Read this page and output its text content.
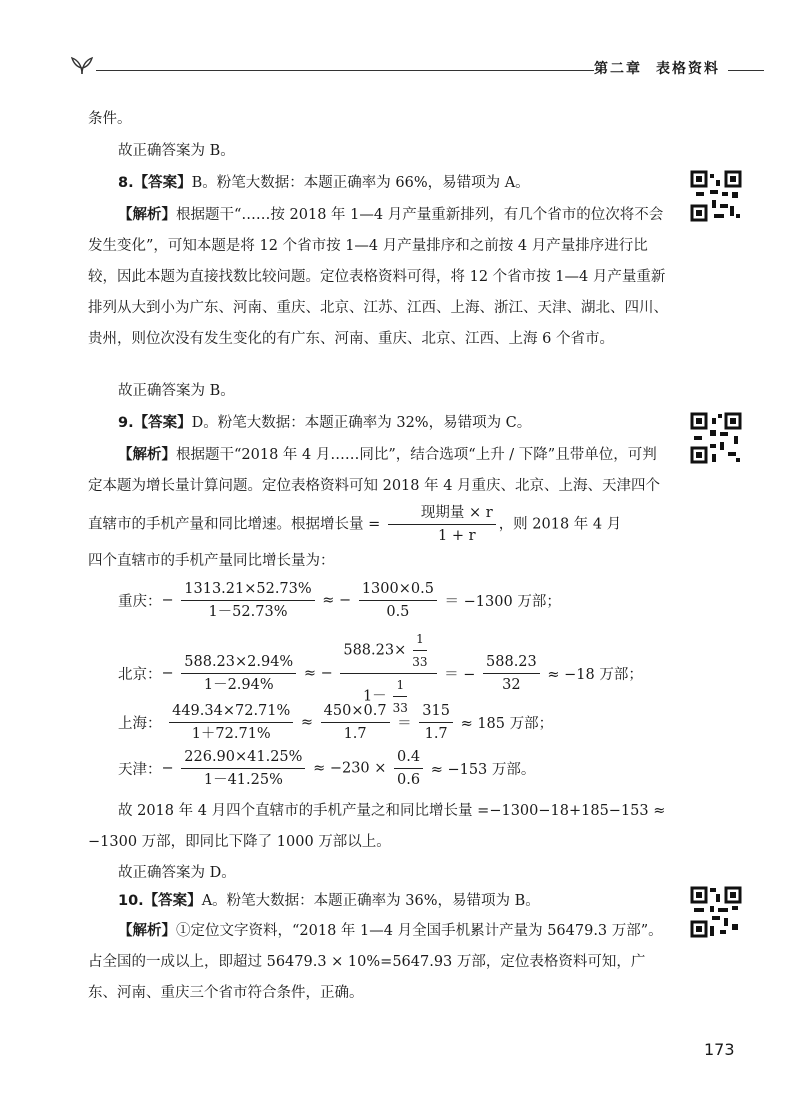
第二章 表格资料
条件。
故正确答案为 B。
8.【答案】B。粉笔大数据：本题正确率为 66%，易错项为 A。
【解析】根据题干“……按 2018 年 1—4 月产量重新排列，有几个省市的位次将不会发生变化”，可知本题是将 12 个省市按 1—4 月产量排序和之前按 4 月产量排序进行比较，因此本题为直接找数比较问题。定位表格资料可得，将 12 个省市按 1—4 月产量重新排列从大到小为广东、河南、重庆、北京、江苏、江西、上海、浙江、天津、湖北、四川、贵州，则位次没有发生变化的有广东、河南、重庆、北京、江西、上海 6 个省市。
故正确答案为 B。
9.【答案】D。粉笔大数据：本题正确率为 32%，易错项为 C。
【解析】根据题干“2018 年 4 月……同比”，结合选项“上升 / 下降”且带单位，可判定本题为增长量计算问题。定位表格资料可知 2018 年 4 月重庆、北京、上海、天津四个直辖市的手机产量和同比增速。根据增长量 = $\frac{\text{现期量 × r}}{1 + r}$ ，则 2018 年 4 月
四个直辖市的手机产量同比增长量为：
重庆：− $\frac{1313.21\times 52.73\%}{1-52.73\%}$ ≈ − $\frac{1300\times 0.5}{0.5} = -1300$ 万部；
北京：− $\frac{588.23\times 2.94\%}{1-2.94\%}$ ≈ − $\frac{588.23\times \frac{1}{33}}{1- \frac{1}{33}}$ ＝ − $\frac{588.23}{32} \approx -18$ 万部；
上海： $\frac{449.34\times 72.71\%}{1+72.71\%} \approx \frac{450\times 0.7}{1.7} = \frac{315}{1.7} \approx 185$ 万部；
天津：− $\frac{226.90\times 41.25\%}{1-41.25\%} \approx -230 \times \frac{0.4}{0.6} \approx -153$ 万部。
故 2018 年 4 月四个直辖市的手机产量之和同比增长量 =−1300−18+185−153 ≈ −1300 万部，即同比下降了 1000 万部以上。
故正确答案为 D。
10.【答案】A。粉笔大数据：本题正确率为 36%，易错项为 B。
【解析】①定位文字资料，“2018 年 1—4 月全国手机累计产量为 56479.3 万部”。占全国的一成以上，即超过 56479.3 × 10%=5647.93 万部，定位表格资料可知，广东、河南、重庆三个省市符合条件，正确。
173
